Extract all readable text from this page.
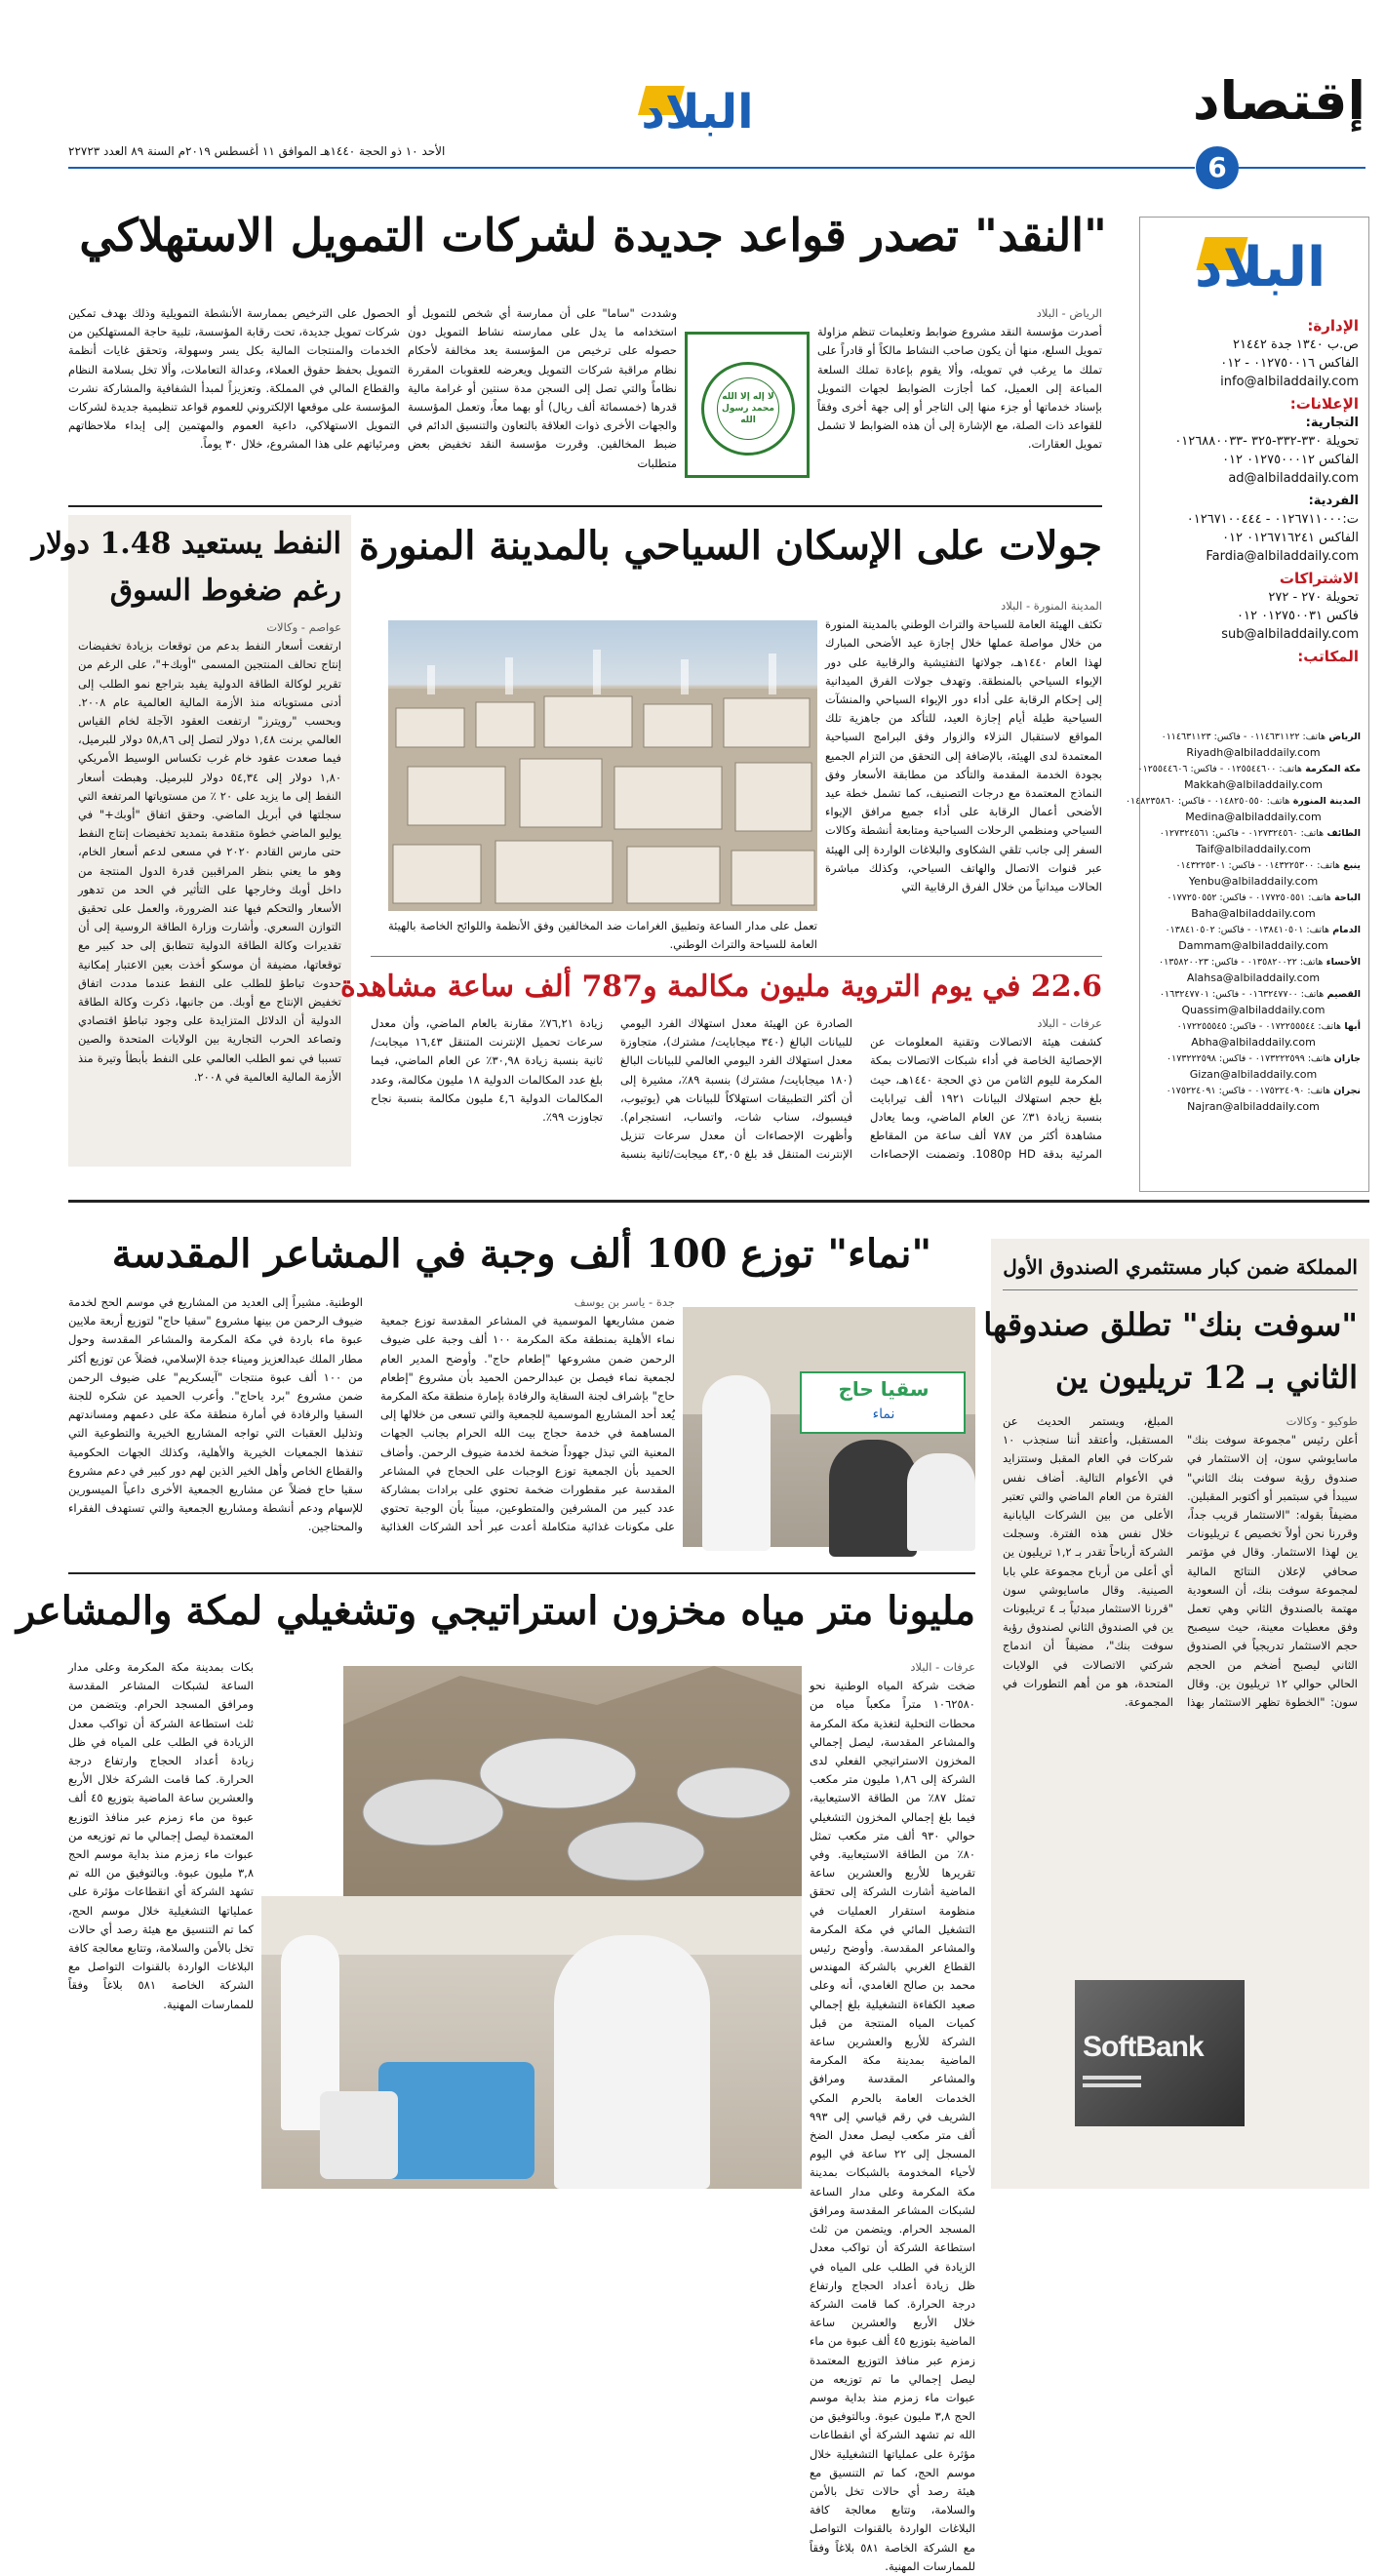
إقتصاد
6
البلاد
الأحد ١٠ ذو الحجة ١٤٤٠هـ الموافق ١١ أغسطس ٢٠١٩م السنة ٨٩ العدد ٢٢٧٢٣
البلاد
الإدارة:
ص.ب ١٣٤٠ جدة ٢١٤٤٢
الفاكس ٠١٢٧٥٠٠١٦ - ٠١٢
info@albiladdaily.com
الإعلانات:
التجارية:
تحويلة ٣٣٠-٣٣٢-٣٢٥ -٠١٢٦٨٨٠٠٣٣
الفاكس ٠١٢٧٥٠٠٠١٢ ٠١٢
ad@albiladdaily.com
الفردية:
ت:٠١٢٦٧١١٠٠٠ - ٠١٢٦٧١٠٠٤٤٤
الفاكس ٠١٢٦٧١٦٢٤١ ٠١٢
Fardia@albiladdaily.com
الاشتراكات
تحويلة ٢٧٠ - ٢٧٢
فاكس ٠١٢٧٥٠٠٣١ ٠١٢
sub@albiladdaily.com
المكاتب:
الرياض هاتف: ٠١١٤٦٣١١٢٢ - فاكس: ٠١١٤٦٣١١٢٣
Riyadh@albiladdaily.com
مكة المكرمة هاتف: ٠١٢٥٥٤٤٦٠٠ - فاكس: ٠١٢٥٥٤٤٦٠٦
Makkah@albiladdaily.com
المدينة المنورة هاتف: ٠١٤٨٢٥٠٥٥٠ - فاكس: ٠١٤٨٢٣٥٨٦٠
Medina@albiladdaily.com
الطائف هاتف: ٠١٢٧٣٢٤٥٦٠ - فاكس: ٠١٢٧٣٢٤٥٦١
Taif@albiladdaily.com
ينبع هاتف: ٠١٤٣٢٢٥٣٠٠ - فاكس: ٠١٤٣٢٢٥٣٠١
Yenbu@albiladdaily.com
الباحة هاتف: ٠١٧٧٢٥٠٥٥١ - فاكس: ٠١٧٧٢٥٠٥٥٢
Baha@albiladdaily.com
الدمام هاتف: ٠١٣٨٤١٠٥٠١ - فاكس: ٠١٣٨٤١٠٥٠٢
Dammam@albiladdaily.com
الأحساء هاتف: ٠١٣٥٨٢٠٠٢٢ - فاكس: ٠١٣٥٨٢٠٠٢٣
Alahsa@albiladdaily.com
القصيم هاتف: ٠١٦٣٢٤٧٧٠٠ - فاكس: ٠١٦٣٢٤٧٧٠١
Quassim@albiladdaily.com
أبها هاتف: ٠١٧٢٢٥٥٥٤٤ - فاكس: ٠١٧٢٢٥٥٥٤٥
Abha@albiladdaily.com
جازان هاتف: ٠١٧٣٢٢٢٥٩٩ - فاكس: ٠١٧٣٢٢٢٥٩٨
Gizan@albiladdaily.com
نجران هاتف: ٠١٧٥٢٢٤٠٩٠ - فاكس: ٠١٧٥٢٢٤٠٩١
Najran@albiladdaily.com
"النقد" تصدر قواعد جديدة لشركات التمويل الاستهلاكي
لا إله إلا الله محمد رسول الله

الرياض - البلاد

أصدرت مؤسسة النقد مشروع ضوابط وتعليمات تنظم مزاولة تمويل السلع، منها أن يكون صاحب النشاط مالكاً أو قادراً على تملك ما يرغب في تمويله، وألا يقوم بإعادة تملك السلعة المباعة إلى العميل، كما أجازت الضوابط لجهات التمويل بإسناد خدماتها أو جزء منها إلى التاجر أو إلى جهة أخرى وفقاً للقواعد ذات الصلة، مع الإشارة إلى أن هذه الضوابط لا تشمل تمويل العقارات.

وشددت "ساما" على أن ممارسة أي شخص للتمويل أو استخدامه ما يدل على ممارسته نشاط التمويل دون حصوله على ترخيص من المؤسسة يعد مخالفة لأحكام نظام مراقبة شركات التمويل ويعرضه للعقوبات المقررة نظاماً والتي تصل إلى السجن مدة سنتين أو غرامة مالية قدرها (خمسمائة ألف ريال) أو بهما معاً، وتعمل المؤسسة والجهات الأخرى ذوات العلاقة بالتعاون والتنسيق الدائم في ضبط المخالفين. وقررت مؤسسة النقد تخفيض بعض متطلبات
الحصول على الترخيص بممارسة الأنشطة التمويلية وذلك بهدف تمكين شركات تمويل جديدة، تحت رقابة المؤسسة، تلبية حاجة المستهلكين من الخدمات والمنتجات المالية بكل يسر وسهولة، وتحقق غايات أنظمة التمويل بحفظ حقوق العملاء، وعدالة التعاملات، وألا تخل بسلامة النظام والقطاع المالي في المملكة. وتعزيزاً لمبدأ الشفافية والمشاركة نشرت المؤسسة على موقعها الإلكتروني للعموم قواعد تنظيمية جديدة لشركات التمويل الاستهلاكي، داعية العموم والمهتمين إلى إبداء ملاحظاتهم ومرئياتهم على هذا المشروع، خلال ٣٠ يوماً.
النفط يستعيد 1.48 دولار
رغم ضغوط السوق

عواصم - وكالات

ارتفعت أسعار النفط بدعم من توقعات بزيادة تخفيضات إنتاج تحالف المنتجين المسمى "أوبك+"، على الرغم من تقرير لوكالة الطاقة الدولية يفيد بتراجع نمو الطلب إلى أدنى مستوياته منذ الأزمة المالية العالمية عام ٢٠٠٨. وبحسب "رويترز" ارتفعت العقود الآجلة لخام القياس العالمي برنت ١,٤٨ دولار لتصل إلى ٥٨,٨٦ دولار للبرميل، فيما صعدت عقود خام غرب تكساس الوسيط الأمريكي ١,٨٠ دولار إلى ٥٤,٣٤ دولار للبرميل. وهبطت أسعار النفط إلى ما يزيد على ٢٠ ٪ من مستوياتها المرتفعة التي سجلتها في أبريل الماضي. وحقق اتفاق "أوبك+" في يوليو الماضي خطوة متقدمة بتمديد تخفيضات إنتاج النفط حتى مارس القادم ٢٠٢٠ في مسعى لدعم أسعار الخام، وهو ما يعني بنظر المراقبين قدرة الدول المنتجة من داخل أوبك وخارجها على التأثير في الحد من تدهور الأسعار والتحكم فيها عند الضرورة، والعمل على تحقيق التوازن السعري. وأشارت وزارة الطاقة الروسية إلى أن تقديرات وكالة الطاقة الدولية تتطابق إلى حد كبير مع توقعاتها، مضيفة أن موسكو أخذت بعين الاعتبار إمكانية حدوث تباطؤ للطلب على النفط عندما مددت اتفاق تخفيض الإنتاج مع أوبك. من جانبها، ذكرت وكالة الطاقة الدولية أن الدلائل المتزايدة على وجود تباطؤ اقتصادي وتصاعد الحرب التجارية بين الولايات المتحدة والصين تسببا في نمو الطلب العالمي على النفط بأبطأ وتيرة منذ الأزمة المالية العالمية في ٢٠٠٨.

جولات على الإسكان السياحي بالمدينة المنورة

المدينة المنورة - البلاد

تكثف الهيئة العامة للسياحة والتراث الوطني بالمدينة المنورة من خلال مواصلة عملها خلال إجازة عيد الأضحى المبارك لهذا العام ١٤٤٠هـ، جولاتها التفتيشية والرقابية على دور الإيواء السياحي بالمنطقة. وتهدف جولات الفرق الميدانية إلى إحكام الرقابة على أداء دور الإيواء السياحي والمنشآت السياحية طيلة أيام إجازة العيد، للتأكد من جاهزية تلك المواقع لاستقبال النزلاء والزوار وفق البرامج السياحية المعتمدة لدى الهيئة، بالإضافة إلى التحقق من التزام الجميع بجودة الخدمة المقدمة والتأكد من مطابقة الأسعار وفق النماذج المعتمدة مع درجات التصنيف، كما تشمل خطة عيد الأضحى أعمال الرقابة على أداء جميع مرافق الإيواء السياحي ومنظمي الرحلات السياحية ومتابعة أنشطة وكالات السفر إلى جانب تلقي الشكاوى والبلاغات الواردة إلى الهيئة عبر قنوات الاتصال والهاتف السياحي، وكذلك مباشرة الحالات ميدانياً من خلال الفرق الرقابية التي

تعمل على مدار الساعة وتطبيق الغرامات ضد المخالفين وفق الأنظمة واللوائح الخاصة بالهيئة العامة للسياحة والتراث الوطني.
22.6 في يوم التروية مليون مكالمة و787 ألف ساعة مشاهدة

عرفات - البلاد

كشفت هيئة الاتصالات وتقنية المعلومات عن الإحصائية الخاصة في أداء شبكات الاتصالات بمكة المكرمة لليوم الثامن من ذي الحجة ١٤٤٠هـ، حيث بلغ حجم استهلاك البيانات ١٩٢١ ألف تيرابايت بنسبة زيادة ٣١٪ عن العام الماضي، وبما يعادل مشاهدة أكثر من ٧٨٧ ألف ساعة من المقاطع المرئية بدقة 1080p HD. وتضمنت الإحصاءات الصادرة عن الهيئة معدل استهلاك الفرد اليومي للبيانات البالغ (٣٤٠ ميجابايت/ مشترك)، متجاوزة معدل استهلاك الفرد اليومي العالمي للبيانات البالغ (١٨٠ ميجابايت/ مشترك) بنسبة ٨٩٪، مشيرة إلى أن أكثر التطبيقات استهلاكاً للبيانات هي (يوتيوب، فيسبوك، سناب شات، واتساب، انستجرام). وأظهرت الإحصاءات أن معدل سرعات تنزيل الإنترنت المتنقل قد بلغ ٤٣,٠٥ ميجابت/ثانية بنسبة زيادة ٧٦,٢١٪ مقارنة بالعام الماضي، وأن معدل سرعات تحميل الإنترنت المتنقل ١٦,٤٣ ميجابت/ثانية بنسبة زيادة ٣٠,٩٨٪ عن العام الماضي، فيما بلغ عدد المكالمات الدولية ١٨ مليون مكالمة، وعدد المكالمات الدولية ٤,٦ مليون مكالمة بنسبة نجاح تجاوزت ٩٩٪.

المملكة ضمن كبار مستثمري الصندوق الأول
"سوفت بنك" تطلق صندوقها
الثاني بـ 12 تريليون ين

طوكيو - وكالات

أعلن رئيس "مجموعة سوفت بنك" ماسايوشي سون، إن الاستثمار في صندوق رؤية سوفت بنك الثاني" سيبدأ في سبتمبر أو أكتوبر المقبلين. مضيفاً بقوله: "الاستثمار قريب جداً، وقررنا نحن أولاً تخصيص ٤ تريليونات ين لهذا الاستثمار. وقال في مؤتمر صحافي لإعلان النتائج المالية لمجموعة سوفت بنك، أن السعودية مهتمة بالصندوق الثاني وهي تعمل وفق معطيات معينة، حيث سيصبح حجم الاستثمار تدريجياً في الصندوق الثاني ليصبح أضخم من الحجم الحالي حوالي ١٢ تريليون ين. وقال سون: "الخطوة تظهر الاستثمار بهذا المبلغ، ويستمر الحديث عن المستقبل، وأعتقد أننا سنجذب ١٠ شركات في العام المقبل وستتزايد في الأعوام التالية. أضاف نفس الفترة من العام الماضي والتي تعتبر الأعلى من بين الشركات اليابانية خلال نفس هذه الفترة. وسجلت الشركة أرباحاً تقدر بـ ١,٢ تريليون ين أي أعلى من أرباح مجموعة علي بابا الصينية. وقال ماسايوشي سون "قررنا الاستثمار مبدئياً بـ ٤ تريليونات ين في الصندوق الثاني لصندوق رؤية سوفت بنك"، مضيفاً أن اندماج شركتي الاتصالات في الولايات المتحدة، هو من أهم التطورات في المجموعة.

SoftBank
"نماء" توزع 100 ألف وجبة في المشاعر المقدسة
سقيا حاج
نماء

جدة - ياسر بن يوسف

ضمن مشاريعها الموسمية في المشاعر المقدسة توزع جمعية نماء الأهلية بمنطقة مكة المكرمة ١٠٠ ألف وجبة على ضيوف الرحمن ضمن مشروعها "إطعام حاج". وأوضح المدير العام لجمعية نماء فيصل بن عبدالرحمن الحميد بأن مشروع "إطعام حاج" بإشراف لجنة السقاية والرفادة بإمارة منطقة مكة المكرمة يُعد أحد المشاريع الموسمية للجمعية والتي تسعى من خلالها إلى المساهمة في خدمة حجاج بيت الله الحرام بجانب الجهات المعنية التي تبذل جهوداً ضخمة لخدمة ضيوف الرحمن. وأضاف الحميد بأن الجمعية توزع الوجبات على الحجاج في المشاعر المقدسة عبر مقطورات ضخمة تحتوي على برادات بمشاركة عدد كبير من المشرفين والمتطوعين، مبيناً بأن الوجبة تحتوي على مكونات غذائية متكاملة أعدت عبر أحد الشركات الغذائية الوطنية. مشيراً إلى العديد من المشاريع في موسم الحج لخدمة ضيوف الرحمن من بينها مشروع "سقيا حاج" لتوزيع أربعة ملايين عبوة ماء باردة في مكة المكرمة والمشاعر المقدسة وحول مطار الملك عبدالعزيز وميناء جدة الإسلامي، فضلاً عن توزيع أكثر من ١٠٠ ألف عبوة منتجات "آيسكريم" على ضيوف الرحمن ضمن مشروع "برد ياحاج". وأعرب الحميد عن شكره للجنة السقيا والرفادة في أمارة منطقة مكة على دعمهم ومساندتهم وتذليل العقبات التي تواجه المشاريع الخيرية والتطوعية التي تنفذها الجمعيات الخيرية والأهلية، وكذلك الجهات الحكومية والقطاع الخاص وأهل الخير الذين لهم دور كبير في دعم مشروع سقيا حاج فضلاً عن مشاريع الجمعية الأخرى داعياً الميسورين للإسهام ودعم أنشطة ومشاريع الجمعية والتي تستهدف الفقراء والمحتاجين.

مليونا متر مياه مخزون استراتيجي وتشغيلي لمكة والمشاعر

عرفات - البلاد

ضخت شركة المياه الوطنية نحو ١٠٦٢٥٨٠ متراً مكعباً مياه من محطات التحلية لتغذية مكة المكرمة والمشاعر المقدسة، ليصل إجمالي المخزون الاستراتيجي الفعلي لدى الشركة إلى ١,٨٦ مليون متر مكعب تمثل ٨٧٪ من الطاقة الاستيعابية، فيما بلغ إجمالي المخزون التشغيلي حوالي ٩٣٠ ألف متر مكعب تمثل ٨٠٪ من الطاقة الاستيعابية. وفي تقريرها للأربع والعشرين ساعة الماضية أشارت الشركة إلى تحقق منظومة استقرار العمليات في التشغيل المائي في مكة المكرمة والمشاعر المقدسة. وأوضح رئيس القطاع الغربي بالشركة المهندس محمد بن صالح الغامدي، أنه وعلى صعيد الكفاءة التشغيلية بلغ إجمالي كميات المياه المنتجة من قبل الشركة للأربع والعشرين ساعة الماضية بمدينة مكة المكرمة والمشاعر المقدسة ومرافق الخدمات العامة بالحرم المكي الشريف في رقم قياسي إلى ٩٩٣ ألف متر مكعب ليصل معدل الضخ المسجل إلى ٢٢ ساعة في اليوم لأحياء المخدومة بالشبكات بمدينة مكة المكرمة وعلى مدار الساعة لشبكات المشاعر المقدسة ومرافق المسجد الحرام. ويتضمن من ثلث استطاعة الشركة أن تواكب معدل الزيادة في الطلب على المياه في ظل زيادة أعداد الحجاج وارتفاع درجة الحرارة. كما قامت الشركة خلال الأربع والعشرين ساعة الماضية بتوزيع ٤٥ ألف عبوة من ماء زمزم عبر منافذ التوزيع المعتمدة ليصل إجمالي ما تم توزيعه من عبوات ماء زمزم منذ بداية موسم الحج ٣,٨ مليون عبوة. وبالتوفيق من الله تم تشهد الشركة أي انقطاعات مؤثرة على عملياتها التشغيلية خلال موسم الحج، كما تم التنسيق مع هيئة رصد أي حالات تخل بالأمن والسلامة، وتتابع معالجة كافة البلاغات الواردة بالقنوات التواصل مع الشركة الخاصة ٥٨١ بلاغاً وفقاً للممارسات المهنية.

بكات بمدينة مكة المكرمة وعلى مدار الساعة لشبكات المشاعر المقدسة ومرافق المسجد الحرام. ويتضمن من ثلث استطاعة الشركة أن تواكب معدل الزيادة في الطلب على المياه في ظل زيادة أعداد الحجاج وارتفاع درجة الحرارة. كما قامت الشركة خلال الأربع والعشرين ساعة الماضية بتوزيع ٤٥ ألف عبوة من ماء زمزم عبر منافذ التوزيع المعتمدة ليصل إجمالي ما تم توزيعه من عبوات ماء زمزم منذ بداية موسم الحج ٣,٨ مليون عبوة. وبالتوفيق من الله تم تشهد الشركة أي انقطاعات مؤثرة على عملياتها التشغيلية خلال موسم الحج، كما تم التنسيق مع هيئة رصد أي حالات تخل بالأمن والسلامة، وتتابع معالجة كافة البلاغات الواردة بالقنوات التواصل مع الشركة الخاصة ٥٨١ بلاغاً وفقاً للممارسات المهنية.
